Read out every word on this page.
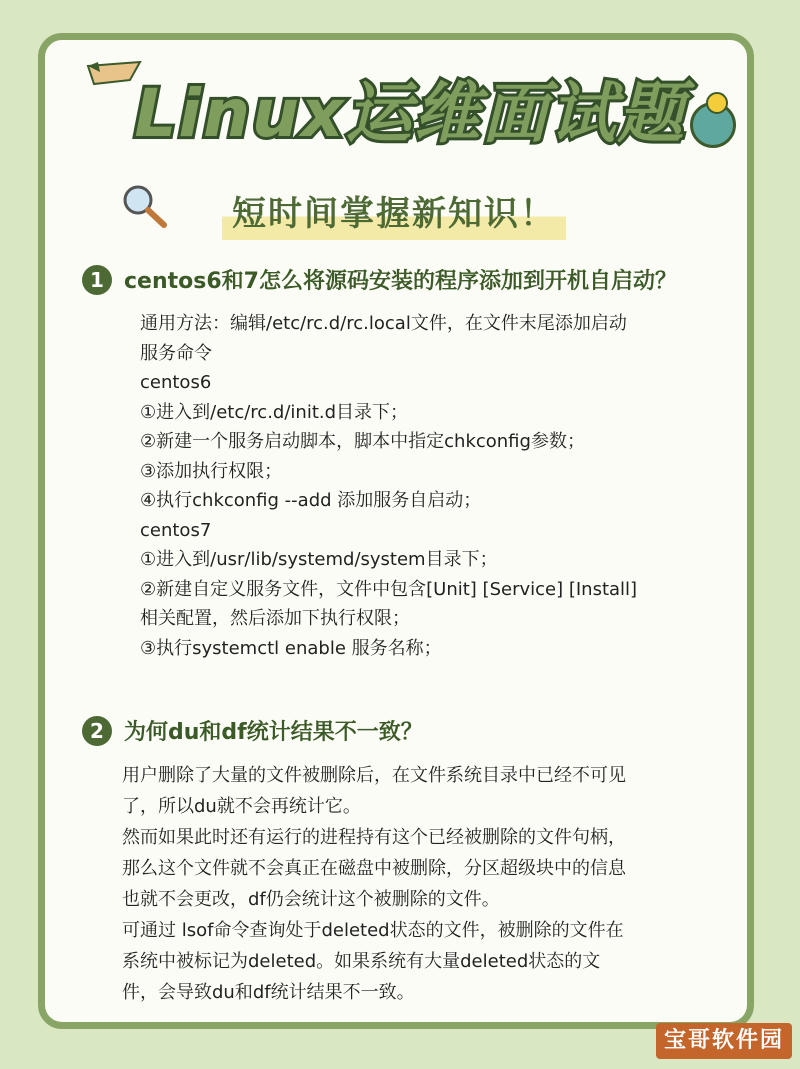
Linux运维面试题
短时间掌握新知识！
1 centos6和7怎么将源码安装的程序添加到开机自启动？

通用方法：编辑/etc/rc.d/rc.local文件，在文件末尾添加启动

服务命令

centos6

①进入到/etc/rc.d/init.d目录下；

②新建一个服务启动脚本，脚本中指定chkconfig参数；

③添加执行权限；

④执行chkconfig --add 添加服务自启动；

centos7

①进入到/usr/lib/systemd/system目录下；

②新建自定义服务文件，文件中包含[Unit] [Service] [Install]

相关配置，然后添加下执行权限；

③执行systemctl enable 服务名称；

2 为何du和df统计结果不一致？

用户删除了大量的文件被删除后，在文件系统目录中已经不可见

了，所以du就不会再统计它。

然而如果此时还有运行的进程持有这个已经被删除的文件句柄，

那么这个文件就不会真正在磁盘中被删除，分区超级块中的信息

也就不会更改，df仍会统计这个被删除的文件。

可通过 lsof命令查询处于deleted状态的文件，被删除的文件在

系统中被标记为deleted。如果系统有大量deleted状态的文

件，会导致du和df统计结果不一致。

宝哥软件园
